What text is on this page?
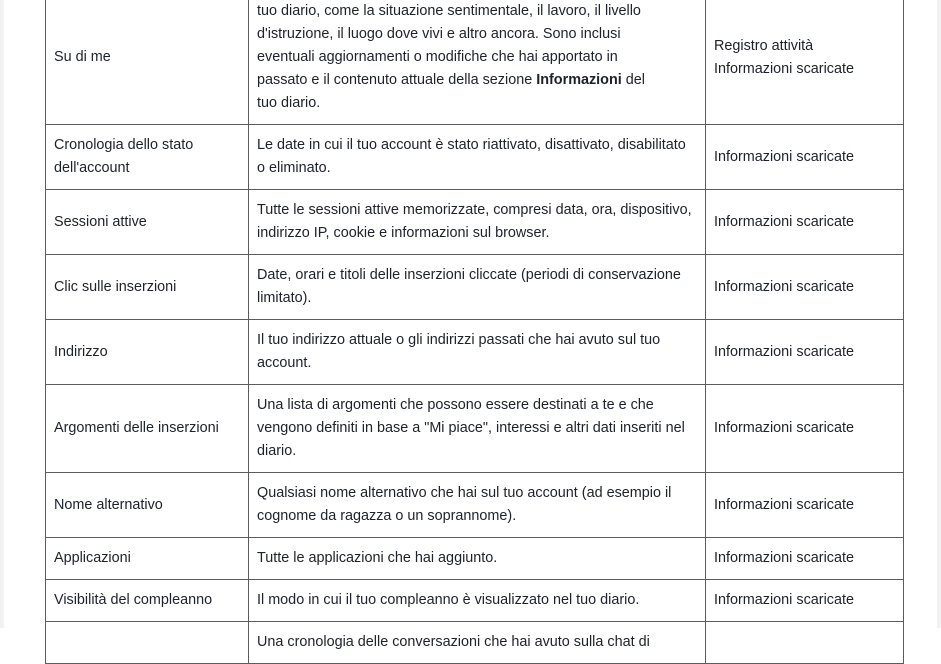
Su di me	tuo diario, come la situazione sentimentale, il lavoro, il livello
d'istruzione, il luogo dove vivi e altro ancora. Sono inclusi
eventuali aggiornamenti o modifiche che hai apportato in
passato e il contenuto attuale della sezione Informazioni del
tuo diario.	Registro attività
Informazioni scaricate

Cronologia dello stato dell'account	Le date in cui il tuo account è stato riattivato, disattivato, disabilitato o eliminato.	Informazioni scaricate
Sessioni attive	Tutte le sessioni attive memorizzate, compresi data, ora, dispositivo, indirizzo IP, cookie e informazioni sul browser.	Informazioni scaricate
Clic sulle inserzioni	Date, orari e titoli delle inserzioni cliccate (periodi di conservazione limitato).	Informazioni scaricate
Indirizzo	Il tuo indirizzo attuale o gli indirizzi passati che hai avuto sul tuo account.	Informazioni scaricate
Argomenti delle inserzioni	Una lista di argomenti che possono essere destinati a te e che vengono definiti in base a "Mi piace", interessi e altri dati inseriti nel diario.	Informazioni scaricate
Nome alternativo	Qualsiasi nome alternativo che hai sul tuo account (ad esempio il cognome da ragazza o un soprannome).	Informazioni scaricate
Applicazioni	Tutte le applicazioni che hai aggiunto.	Informazioni scaricate
Visibilità del compleanno	Il modo in cui il tuo compleanno è visualizzato nel tuo diario.	Informazioni scaricate
	Una cronologia delle conversazioni che hai avuto sulla chat di	
